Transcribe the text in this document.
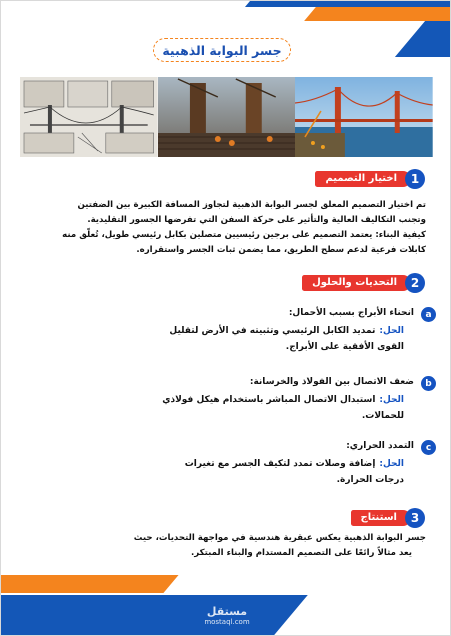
جسر البوابة الذهبية
1
اختيار التصميم
تم اختيار التصميم المعلق لجسر البوابة الذهبية لتجاوز المسافة الكبيرة بين الضفتين
وتجنب التكاليف العالية والتأثير على حركة السفن التي تفرضها الجسور التقليدية.
كيفية البناء: يعتمد التصميم على برجين رئيسيين متصلين بكابل رئيسي طويل، تُعلّق منه
كابلات فرعية لدعم سطح الطريق، مما يضمن ثبات الجسر واستقراره.
2
التحديات والحلول
a
انحناء الأبراج بسبب الأحمال:
الحل:تمديد الكابل الرئيسي وتثبيته في الأرض لتقليل
القوى الأفقية على الأبراج.
b
ضعف الاتصال بين الفولاذ والخرسانة:
الحل:استبدال الاتصال المباشر باستخدام هيكل فولاذي
للحمالات.
c
التمدد الحراري:
الحل:إضافة وصلات تمدد لتكيف الجسر مع تغيرات
درجات الحرارة.
3
استنتاج
جسر البوابة الذهبية يعكس عبقرية هندسية في مواجهة التحديات، حيث
يعد مثالاً رائعًا على التصميم المستدام والبناء المبتكر.
مستقل
mostaql.com
